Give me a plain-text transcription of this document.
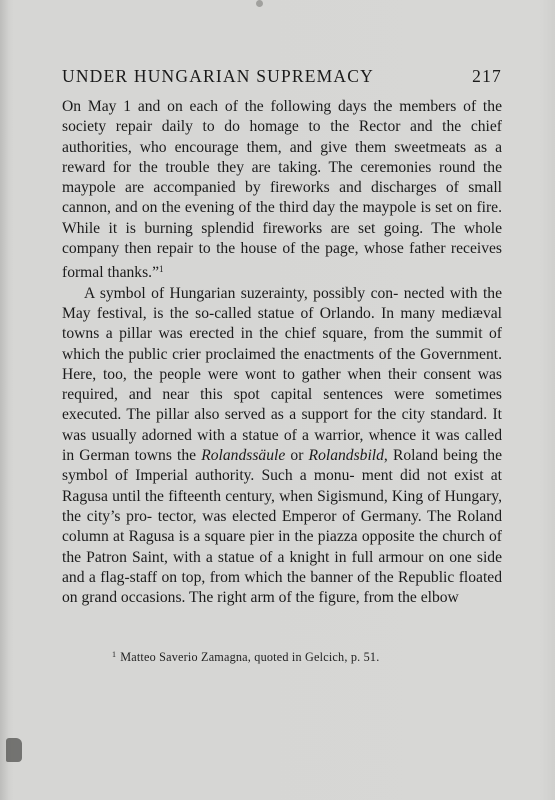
UNDER HUNGARIAN SUPREMACY	217

On May 1 and on each of the following days the members of the society repair daily to do homage to the Rector and the chief authorities, who encourage them, and give them sweetmeats as a reward for the trouble they are taking. The ceremonies round the maypole are accompanied by fireworks and discharges of small cannon, and on the evening of the third day the maypole is set on fire. While it is burning splendid fireworks are set going. The whole company then repair to the house of the page, whose father receives formal thanks.”$^1$

A symbol of Hungarian suzerainty, possibly con- nected with the May festival, is the so-called statue of Orlando. In many mediæval towns a pillar was erected in the chief square, from the summit of which the public crier proclaimed the enactments of the Government. Here, too, the people were wont to gather when their consent was required, and near this spot capital sentences were sometimes executed. The pillar also served as a support for the city standard. It was usually adorned with a statue of a warrior, whence it was called in German towns the Rolandssäule or Rolandsbild, Roland being the symbol of Imperial authority. Such a monu- ment did not exist at Ragusa until the fifteenth century, when Sigismund, King of Hungary, the city’s pro- tector, was elected Emperor of Germany. The Roland column at Ragusa is a square pier in the piazza opposite the church of the Patron Saint, with a statue of a knight in full armour on one side and a flag-staff on top, from which the banner of the Republic floated on grand occasions. The right arm of the figure, from the elbow

$^1$ Matteo Saverio Zamagna, quoted in Gelcich, p. 51.
